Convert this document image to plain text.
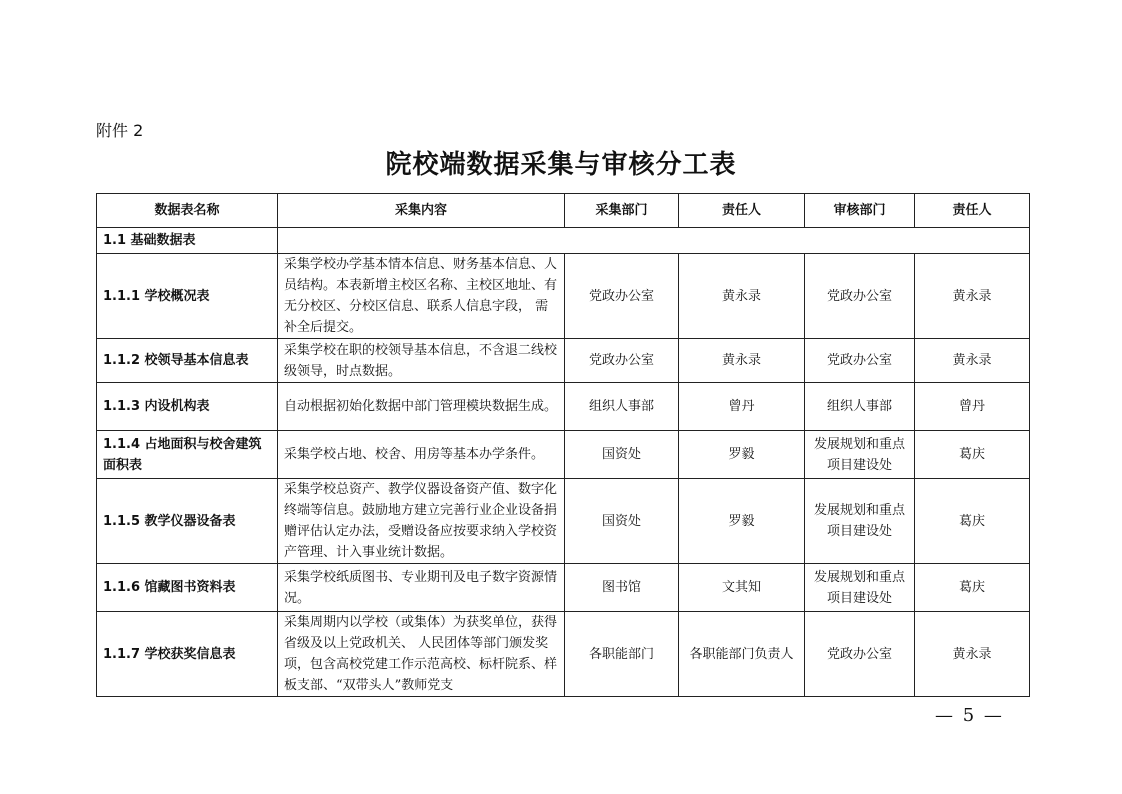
附件 2
院校端数据采集与审核分工表
数据表名称	采集内容	采集部门	责任人	审核部门	责任人
1.1 基础数据表					
1.1.1 学校概况表	采集学校办学基本情本信息、财务基本信息、人员结构。本表新增主校区名称、主校区地址、有无分校区、分校区信息、联系人信息字段， 需补全后提交。	党政办公室	黄永录	党政办公室	黄永录
1.1.2 校领导基本信息表	采集学校在职的校领导基本信息，不含退二线校级领导，时点数据。	党政办公室	黄永录	党政办公室	黄永录
1.1.3 内设机构表	自动根据初始化数据中部门管理模块数据生成。	组织人事部	曾丹	组织人事部	曾丹
1.1.4 占地面积与校舍建筑面积表	采集学校占地、校舍、用房等基本办学条件。	国资处	罗毅	发展规划和重点项目建设处	葛庆
1.1.5 教学仪器设备表	采集学校总资产、教学仪器设备资产值、数字化终端等信息。鼓励地方建立完善行业企业设备捐赠评估认定办法，受赠设备应按要求纳入学校资产管理、计入事业统计数据。	国资处	罗毅	发展规划和重点项目建设处	葛庆
1.1.6 馆藏图书资料表	采集学校纸质图书、专业期刊及电子数字资源情况。	图书馆	文其知	发展规划和重点项目建设处	葛庆
1.1.7 学校获奖信息表	采集周期内以学校（或集体）为获奖单位，获得省级及以上党政机关、 人民团体等部门颁发奖项，包含高校党建工作示范高校、标杆院系、样板支部、“双带头人”教师党支	各职能部门	各职能部门负责人	党政办公室	黄永录
— 5 —
